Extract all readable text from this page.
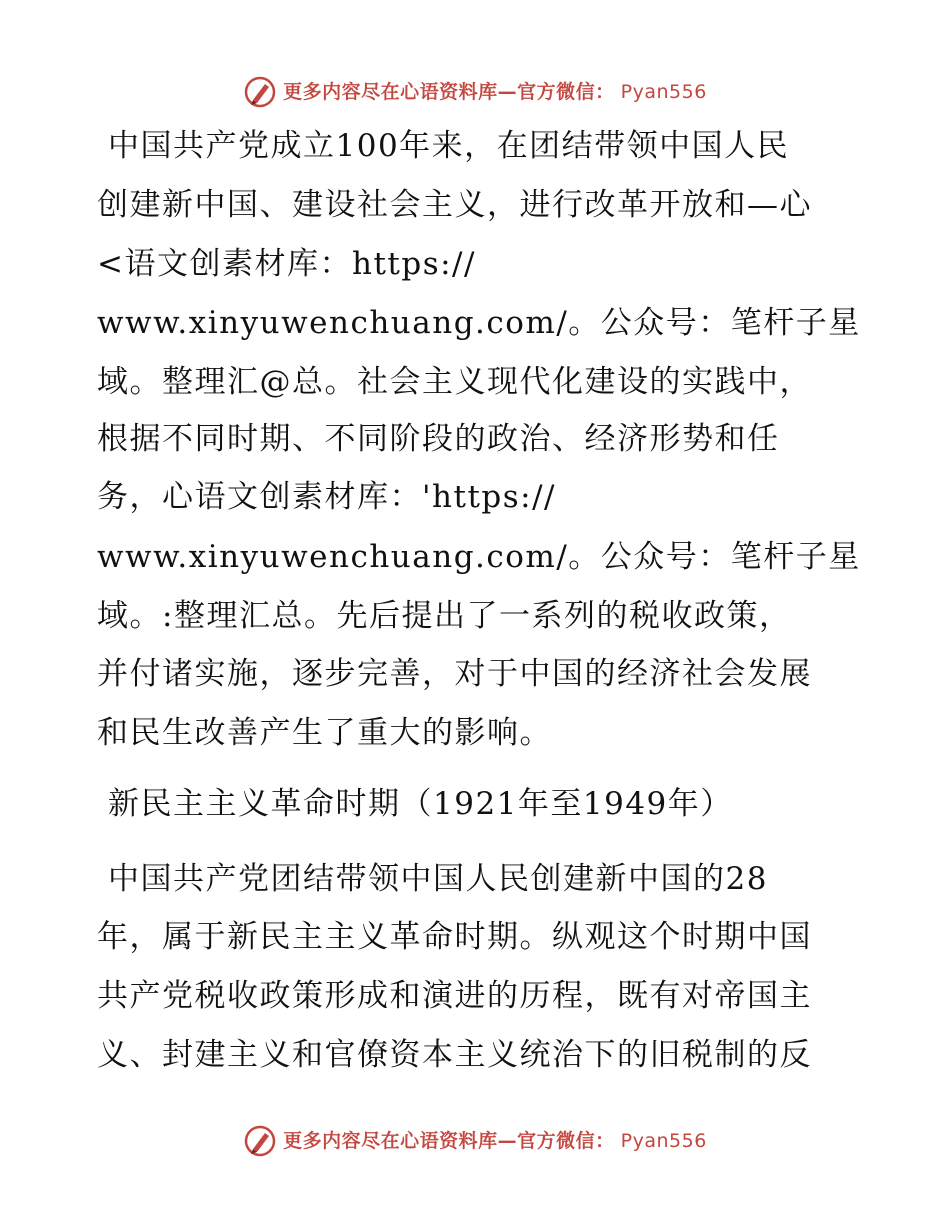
更多内容尽在心语资料库—官方微信： Pyan556

中国共产党成立100年来，在团结带领中国人民

创建新中国、建设社会主义，进行改革开放和—心

<语文创素材库：https://

www.xinyuwenchuang.com/。公众号：笔杆子星

域。整理汇@总。社会主义现代化建设的实践中，

根据不同时期、不同阶段的政治、经济形势和任

务，心语文创素材库：'https://

www.xinyuwenchuang.com/。公众号：笔杆子星

域。:整理汇总。先后提出了一系列的税收政策，

并付诸实施，逐步完善，对于中国的经济社会发展

和民生改善产生了重大的影响。

新民主主义革命时期（1921年至1949年）

中国共产党团结带领中国人民创建新中国的28

年，属于新民主主义革命时期。纵观这个时期中国

共产党税收政策形成和演进的历程，既有对帝国主

义、封建主义和官僚资本主义统治下的旧税制的反

更多内容尽在心语资料库—官方微信： Pyan556
